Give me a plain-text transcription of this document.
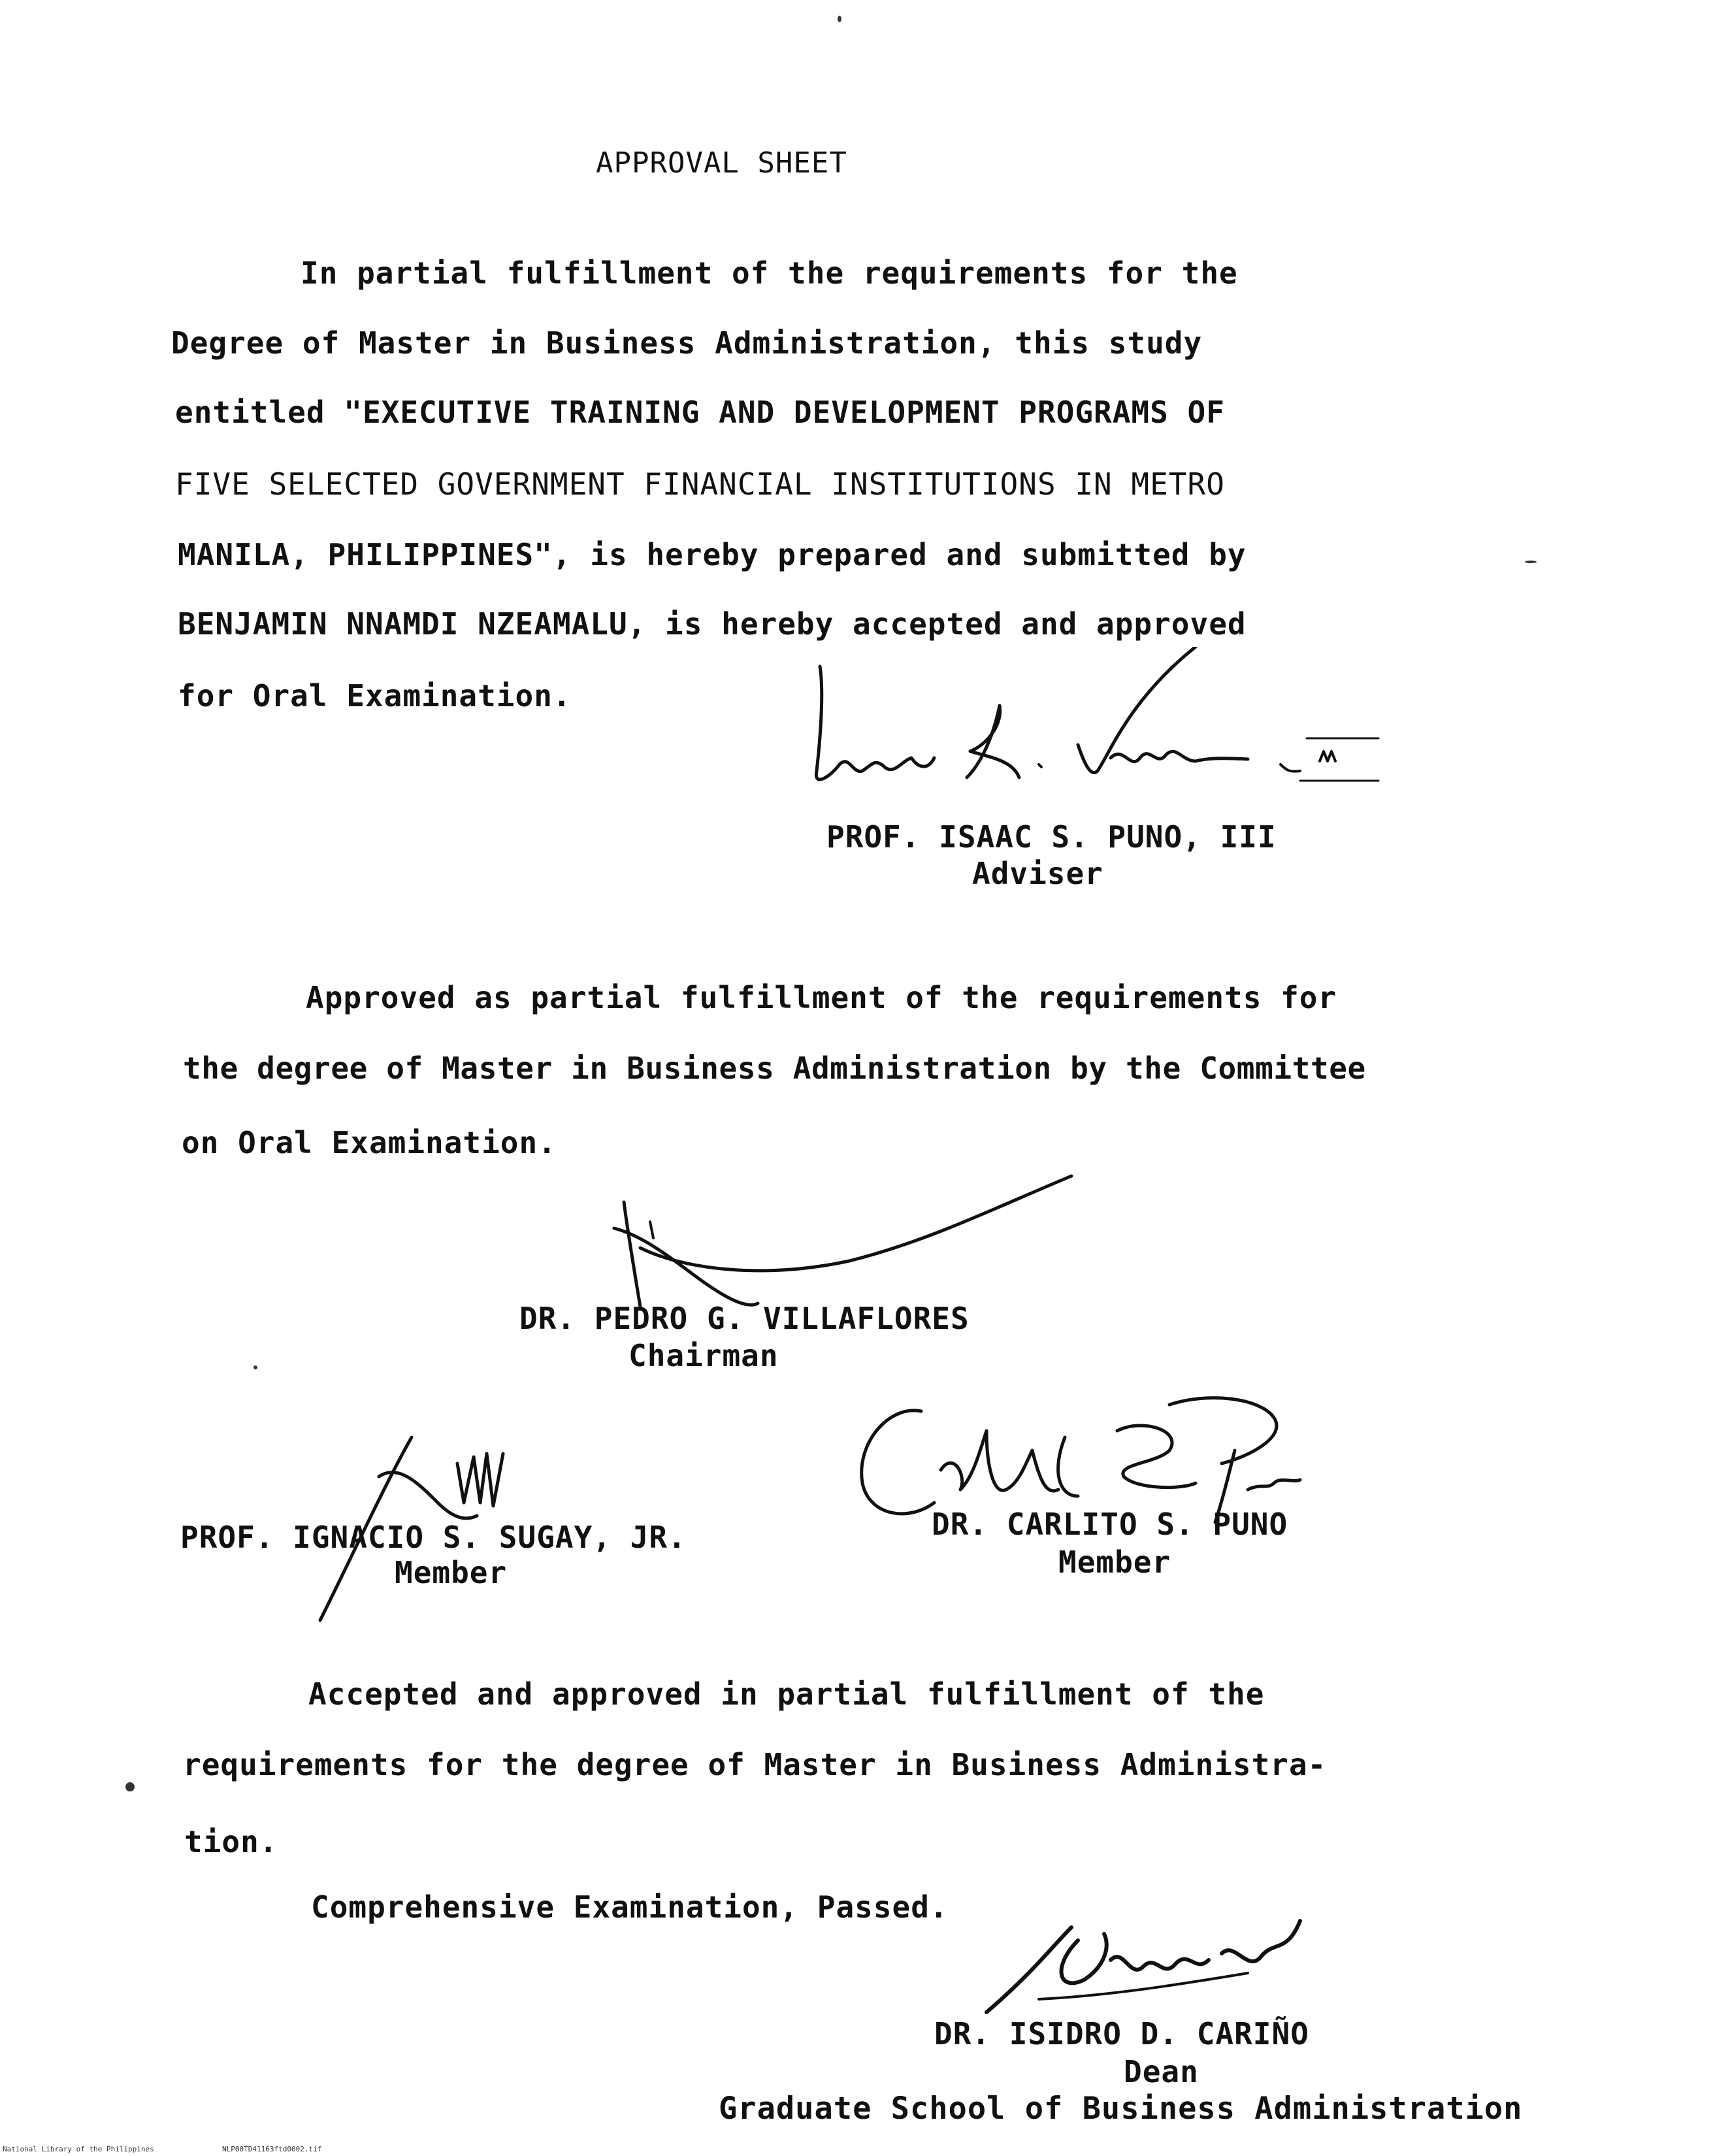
APPROVAL SHEET
In partial fulfillment of the requirements for the
Degree of Master in Business Administration, this study
entitled "EXECUTIVE TRAINING AND DEVELOPMENT PROGRAMS OF
FIVE SELECTED GOVERNMENT FINANCIAL INSTITUTIONS IN METRO
MANILA, PHILIPPINES", is hereby prepared and submitted by
BENJAMIN NNAMDI NZEAMALU, is hereby accepted and approved
for Oral Examination.
PROF. ISAAC S. PUNO, III
Adviser
Approved as partial fulfillment of the requirements for
the degree of Master in Business Administration by the Committee
on Oral Examination.
DR. PEDRO G. VILLAFLORES
Chairman
PROF. IGNACIO S. SUGAY, JR.
Member
DR. CARLITO S. PUNO
Member
Accepted and approved in partial fulfillment of the
requirements for the degree of Master in Business Administra-
tion.
Comprehensive Examination, Passed.
DR. ISIDRO D. CARIÑO
Dean
Graduate School of Business Administration
National Library of the Philippines	NLP00TD41163ftd0002.tif
